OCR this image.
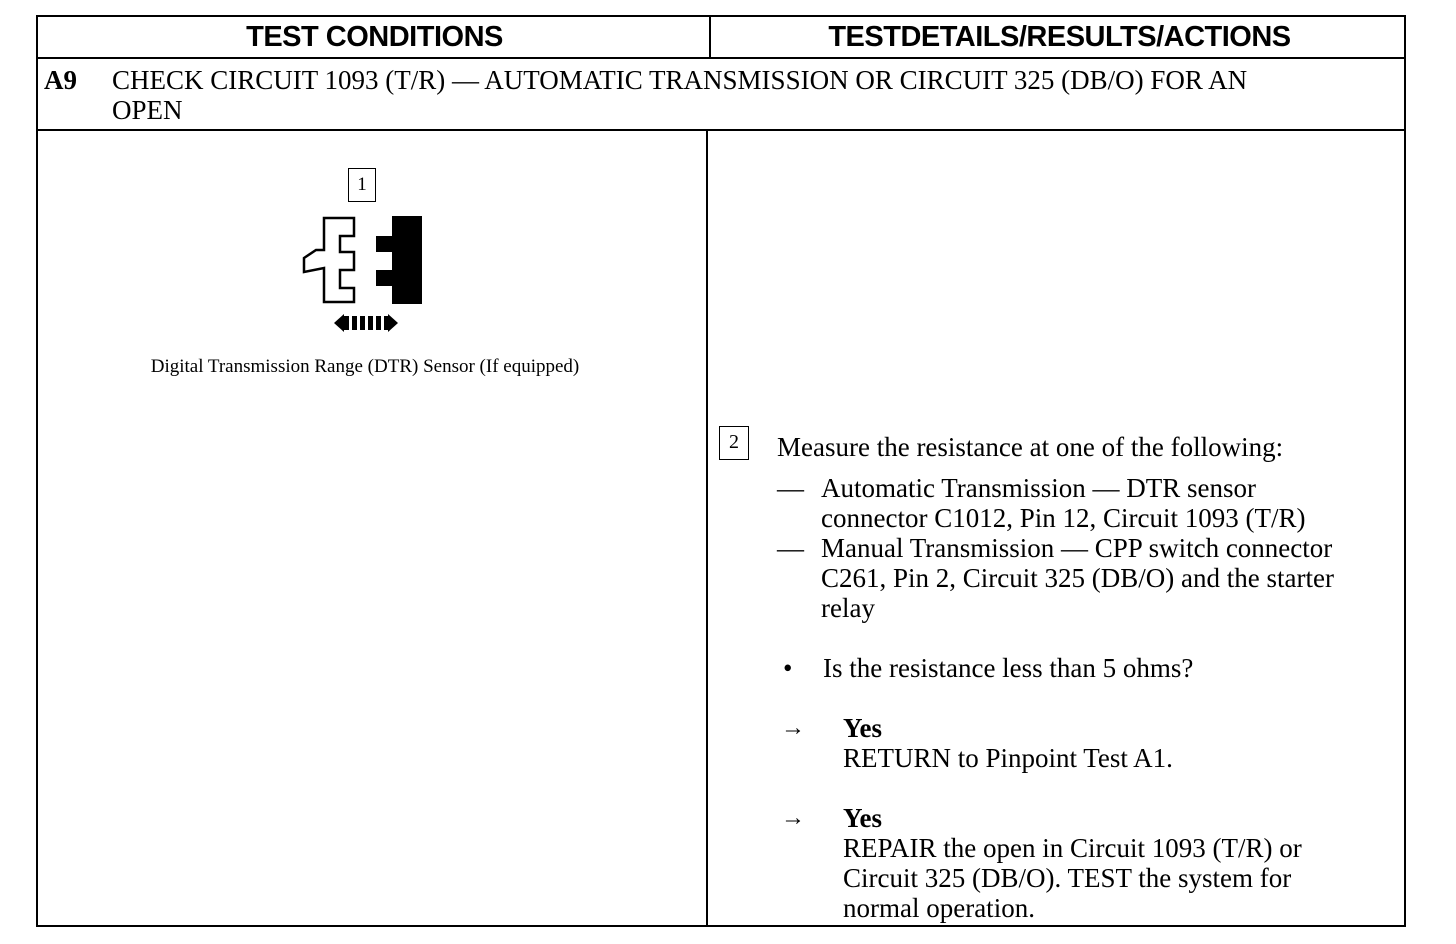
TEST CONDITIONS	TESTDETAILS/RESULTS/ACTIONS
A9 CHECK CIRCUIT 1093 (T/R) — AUTOMATIC TRANSMISSION OR CIRCUIT 325 (DB/O) FOR AN
OPEN
1
Digital Transmission Range (DTR) Sensor (If equipped)
2	Measure the resistance at one of the following:
— Automatic Transmission — DTR sensor
connector C1012, Pin 12, Circuit 1093 (T/R)
— Manual Transmission — CPP switch connector
C261, Pin 2, Circuit 325 (DB/O) and the starter
relay
• Is the resistance less than 5 ohms?
→ Yes
RETURN to Pinpoint Test A1.
→ Yes
REPAIR the open in Circuit 1093 (T/R) or
Circuit 325 (DB/O). TEST the system for
normal operation.
